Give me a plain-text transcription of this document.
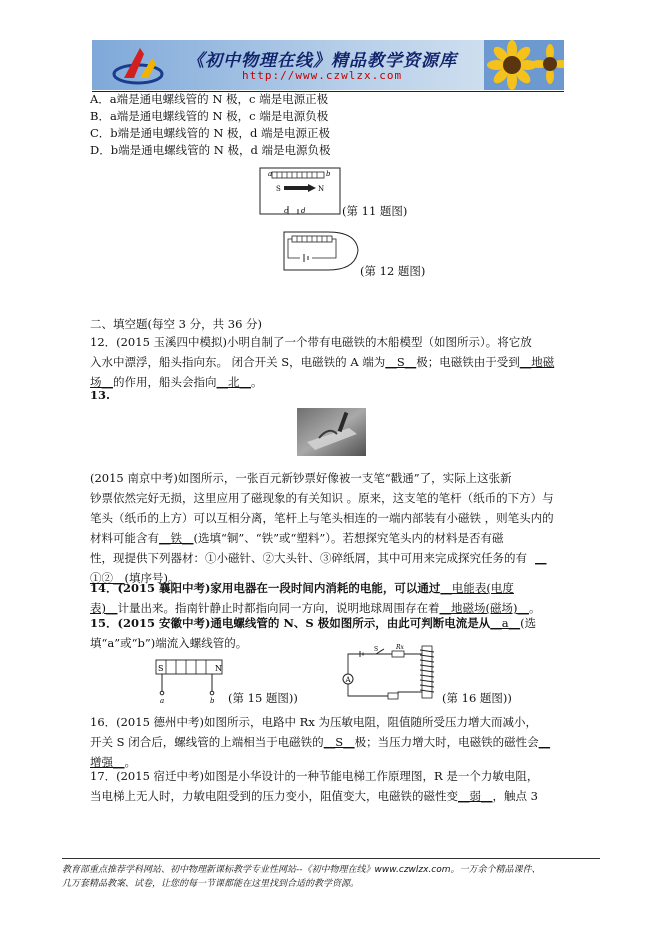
《初中物理在线》精品教学资源库
http://www.czwlzx.com
A．a端是通电螺线管的 N 极，c 端是电源正极
B．a端是通电螺线管的 N 极，c 端是电源负极
C．b端是通电螺线管的 N 极，d 端是电源正极
D．b端是通电螺线管的 N 极，d 端是电源负极
a	b
S	N
c d	(第 11 题图)
(第 12 题图)
二、填空题(每空 3 分，共 36 分)
12．(2015 玉溪四中模拟)小明自制了一个带有电磁铁的木船模型（如图所示）。将它放
入水中漂浮，船头指向东。 闭合开关 S，电磁铁的 A 端为__S__极；电磁铁由于受到__地磁
场__的作用，船头会指向__北__。
13.
(2015 南京中考)如图所示，一张百元新钞票好像被一支笔“戳通”了，实际上这张新
钞票依然完好无损，这里应用了磁现象的有关知识 。原来，这支笔的笔杆（纸币的下方）与
笔头（纸币的上方）可以互相分离，笔杆上与笔头相连的一端内部装有小磁铁 ，则笔头内的
材料可能含有__铁__(选填“铜”、“铁”或“塑料”）。若想探究笔头内的材料是否有磁
性，现提供下列器材：①小磁针、②大头针、③碎纸屑，其中可用来完成探究任务的有 __
①②__(填序号)。
14．(2015 襄阳中考)家用电器在一段时间内消耗的电能，可以通过__电能表(电度
表)__计量出来。指南针静止时都指向同一方向，说明地球周围存在着__地磁场(磁场)__。
15．(2015 安徽中考)通电螺线管的 N、S 极如图所示，由此可判断电流是从__a__(选
填“a”或“b”)端流入螺线管的。
S	N
a	b (第 15 题图))
A
S	Rx
(第 16 题图))
16．(2015 德州中考)如图所示，电路中 Rx 为压敏电阻，阻值随所受压力增大而减小，
开关 S 闭合后，螺线管的上端相当于电磁铁的__S__极；当压力增大时，电磁铁的磁性会__
增强__。
17．(2015 宿迁中考)如图是小华设计的一种节能电梯工作原理图，R 是一个力敏电阻，
当电梯上无人时，力敏电阻受到的压力变小，阻值变大，电磁铁的磁性变__弱__，触点 3
教育部重点推荐学科网站、初中物理新课标教学专业性网站--《初中物理在线》www.czwlzx.com。一万余个精品课件、
几万套精品教案、试卷，让您的每一节课都能在这里找到合适的教学资源。
